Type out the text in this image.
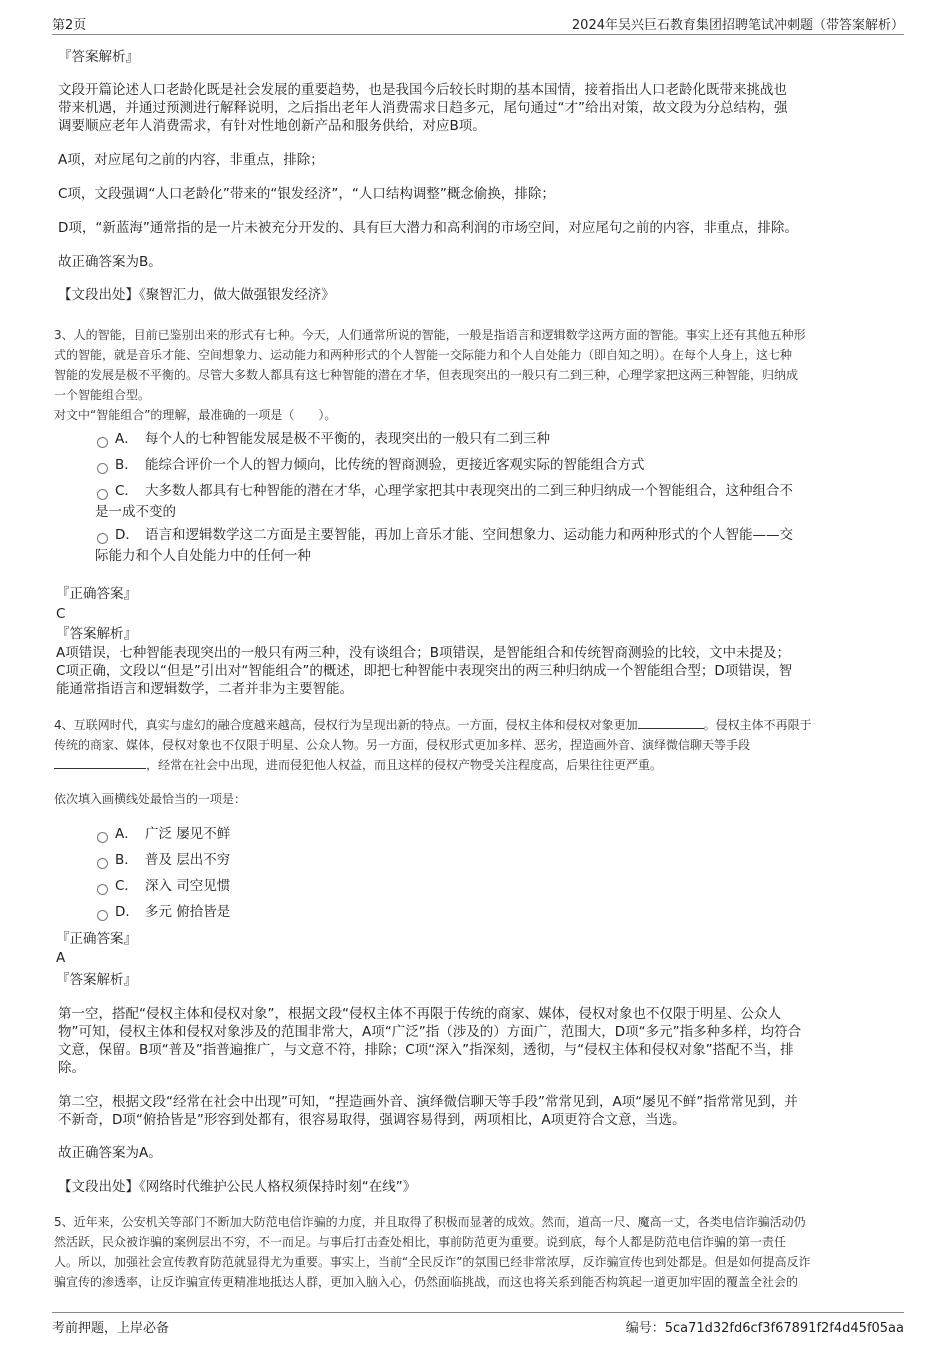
第2页	2024年吴兴巨石教育集团招聘笔试冲刺题（带答案解析）
『答案解析』
文段开篇论述人口老龄化既是社会发展的重要趋势，也是我国今后较长时期的基本国情，接着指出人口老龄化既带来挑战也
带来机遇，并通过预测进行解释说明，之后指出老年人消费需求日趋多元，尾句通过“才”给出对策，故文段为分总结构，强
调要顺应老年人消费需求，有针对性地创新产品和服务供给，对应B项。
A项，对应尾句之前的内容，非重点，排除；
C项，文段强调“人口老龄化”带来的“银发经济”，“人口结构调整”概念偷换，排除；
D项，“新蓝海”通常指的是一片未被充分开发的、具有巨大潜力和高利润的市场空间，对应尾句之前的内容，非重点，排除。
故正确答案为B。
【文段出处】《聚智汇力，做大做强银发经济》
3、人的智能，目前已鉴别出来的形式有七种。今天，人们通常所说的智能，一般是指语言和逻辑数学这两方面的智能。事实上还有其他五种形
式的智能，就是音乐才能、空间想象力、运动能力和两种形式的个人智能一交际能力和个人自处能力（即自知之明）。在每个人身上，这七种
智能的发展是极不平衡的。尽管大多数人都具有这七种智能的潜在才华，但表现突出的一般只有二到三种，心理学家把这两三种智能，归纳成
一个智能组合型。
对文中“智能组合”的理解，最准确的一项是（　　）。
A． 每个人的七种智能发展是极不平衡的，表现突出的一般只有二到三种
B． 能综合评价一个人的智力倾向，比传统的智商测验，更接近客观实际的智能组合方式
C． 大多数人都具有七种智能的潜在才华，心理学家把其中表现突出的二到三种归纳成一个智能组合，这种组合不
是一成不变的
D． 语言和逻辑数学这二方面是主要智能，再加上音乐才能、空间想象力、运动能力和两种形式的个人智能——交
际能力和个人自处能力中的任何一种
『正确答案』
C
『答案解析』
A项错误，七种智能表现突出的一般只有两三种，没有谈组合；B项错误，是智能组合和传统智商测验的比较，文中未提及；
C项正确，文段以“但是”引出对“智能组合”的概述，即把七种智能中表现突出的两三种归纳成一个智能组合型；D项错误，智
能通常指语言和逻辑数学，二者并非为主要智能。
4、互联网时代，真实与虚幻的融合度越来越高，侵权行为呈现出新的特点。一方面，侵权主体和侵权对象更加	。侵权主体不再限于
传统的商家、媒体，侵权对象也不仅限于明星、公众人物。另一方面，侵权形式更加多样、恶劣，捏造画外音、演绎微信聊天等手段
，经常在社会中出现，进而侵犯他人权益，而且这样的侵权产物受关注程度高，后果往往更严重。
依次填入画横线处最恰当的一项是：
A． 广泛 屡见不鲜
B． 普及 层出不穷
C． 深入 司空见惯
D． 多元 俯拾皆是
『正确答案』
A
『答案解析』
第一空，搭配“侵权主体和侵权对象”，根据文段“侵权主体不再限于传统的商家、媒体，侵权对象也不仅限于明星、公众人
物”可知，侵权主体和侵权对象涉及的范围非常大，A项“广泛”指（涉及的）方面广，范围大，D项“多元”指多种多样，均符合
文意，保留。B项“普及”指普遍推广，与文意不符，排除；C项“深入”指深刻，透彻，与“侵权主体和侵权对象”搭配不当，排
除。
第二空，根据文段“经常在社会中出现”可知，“捏造画外音、演绎微信聊天等手段”常常见到，A项“屡见不鲜”指常常见到，并
不新奇，D项“俯拾皆是”形容到处都有，很容易取得，强调容易得到，两项相比，A项更符合文意，当选。
故正确答案为A。
【文段出处】《网络时代维护公民人格权须保持时刻“在线”》
5、近年来，公安机关等部门不断加大防范电信诈骗的力度，并且取得了积极而显著的成效。然而，道高一尺、魔高一丈，各类电信诈骗活动仍
然活跃，民众被诈骗的案例层出不穷，不一而足。与事后打击查处相比，事前防范更为重要。说到底，每个人都是防范电信诈骗的第一责任
人。所以，加强社会宣传教育防范就显得尤为重要。事实上，当前“全民反诈”的氛围已经非常浓厚，反诈骗宣传也到处都是。但是如何提高反诈
骗宣传的渗透率，让反诈骗宣传更精准地抵达人群，更加入脑入心，仍然面临挑战，而这也将关系到能否构筑起一道更加牢固的覆盖全社会的
考前押题，上岸必备	编号：5ca71d32fd6cf3f67891f2f4d45f05aa
